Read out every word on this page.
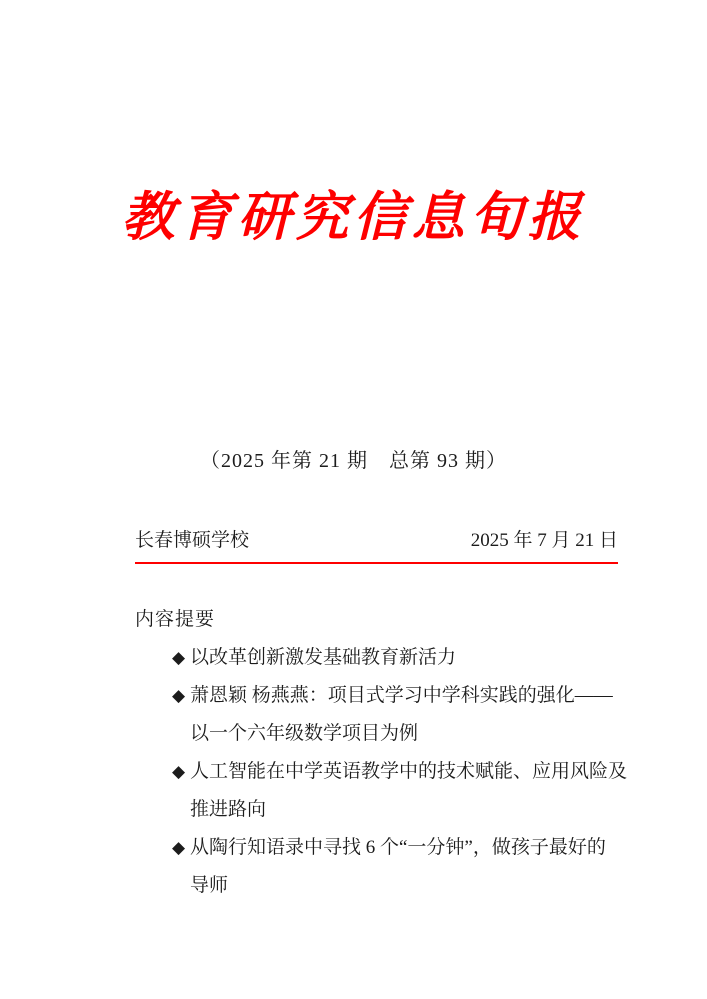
教育研究信息旬报
（2025 年第 21 期　总第 93 期）
长春博硕学校	2025 年 7 月 21 日
内容提要
◆ 以改革创新激发基础教育新活力
◆ 萧恩颖 杨燕燕：项目式学习中学科实践的强化——
以一个六年级数学项目为例
◆ 人工智能在中学英语教学中的技术赋能、应用风险及
推进路向
◆ 从陶行知语录中寻找 6 个“一分钟”，做孩子最好的
导师
